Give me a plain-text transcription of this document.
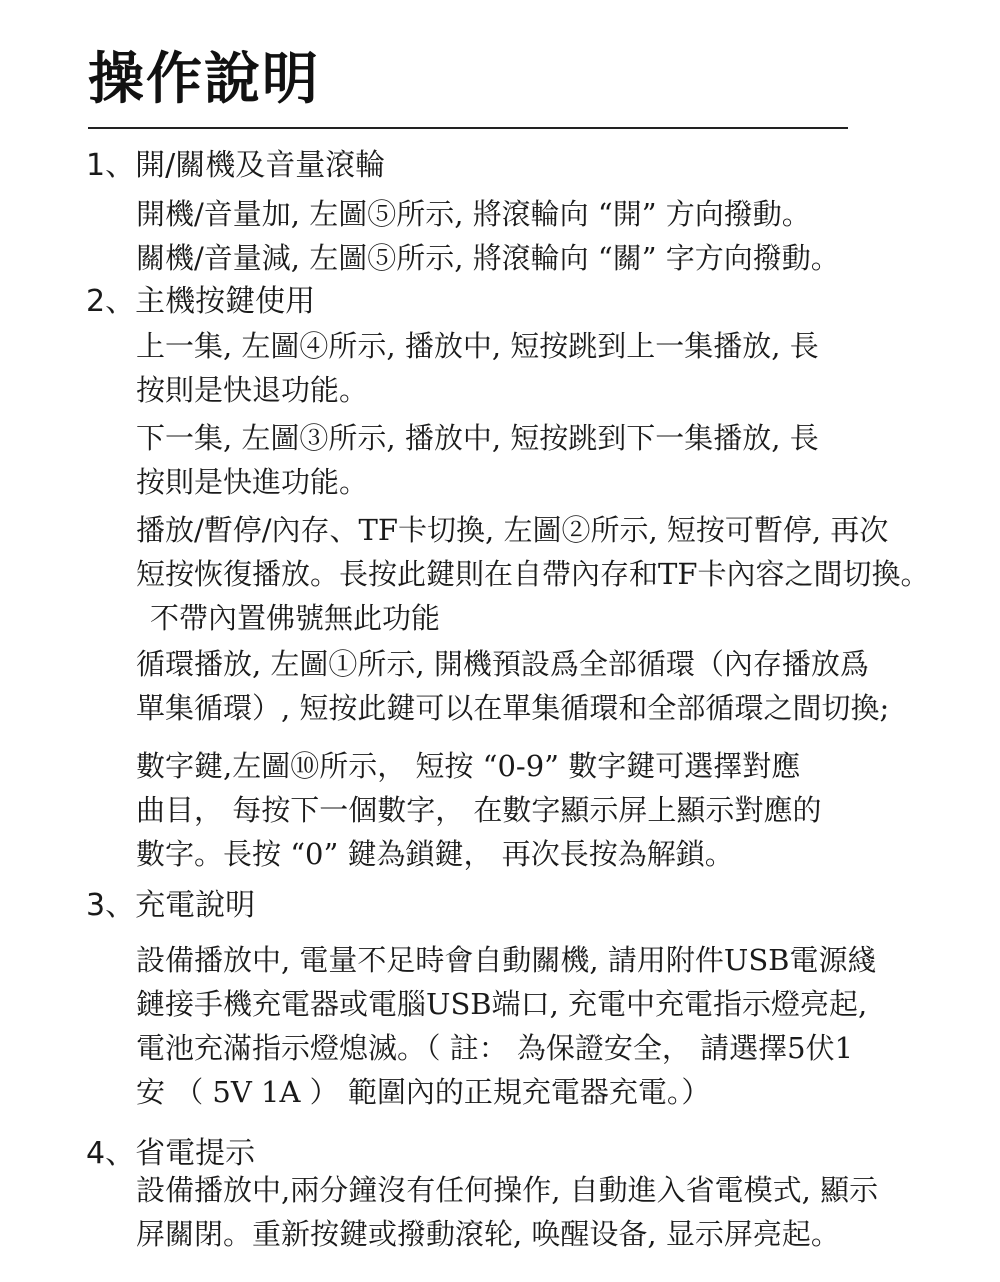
操作說明
1、開/關機及音量滾輪

開機/音量加, 左圖⑤所示, 將滾輪向 “開” 方向撥動。
關機/音量減, 左圖⑤所示, 將滾輪向 “關” 字方向撥動。

2、主機按鍵使用

上一集, 左圖④所示, 播放中, 短按跳到上一集播放, 長
按則是快退功能。

下一集, 左圖③所示, 播放中, 短按跳到下一集播放, 長
按則是快進功能。

播放/暫停/內存、TF卡切換, 左圖②所示, 短按可暫停, 再次
短按恢復播放。長按此鍵則在自帶內存和TF卡內容之間切換。
不帶內置佛號無此功能

循環播放, 左圖①所示, 開機預設爲全部循環（內存播放爲
單集循環）, 短按此鍵可以在單集循環和全部循環之間切換;

數字鍵,左圖⑩所示， 短按 “0-9” 數字鍵可選擇對應
曲目， 每按下一個數字， 在數字顯示屏上顯示對應的
數字。長按 “0” 鍵為鎖鍵， 再次長按為解鎖。

3、充電說明

設備播放中, 電量不足時會自動關機, 請用附件USB電源綫
鏈接手機充電器或電腦USB端口, 充電中充電指示燈亮起,
電池充滿指示燈熄滅。（ 註： 為保證安全， 請選擇5伏1
安 （ 5V 1A ） 範圍內的正規充電器充電。）

4、省電提示

設備播放中,兩分鐘沒有任何操作, 自動進入省電模式, 顯示
屏關閉。重新按鍵或撥動滾轮, 唤醒设备, 显示屏亮起。
